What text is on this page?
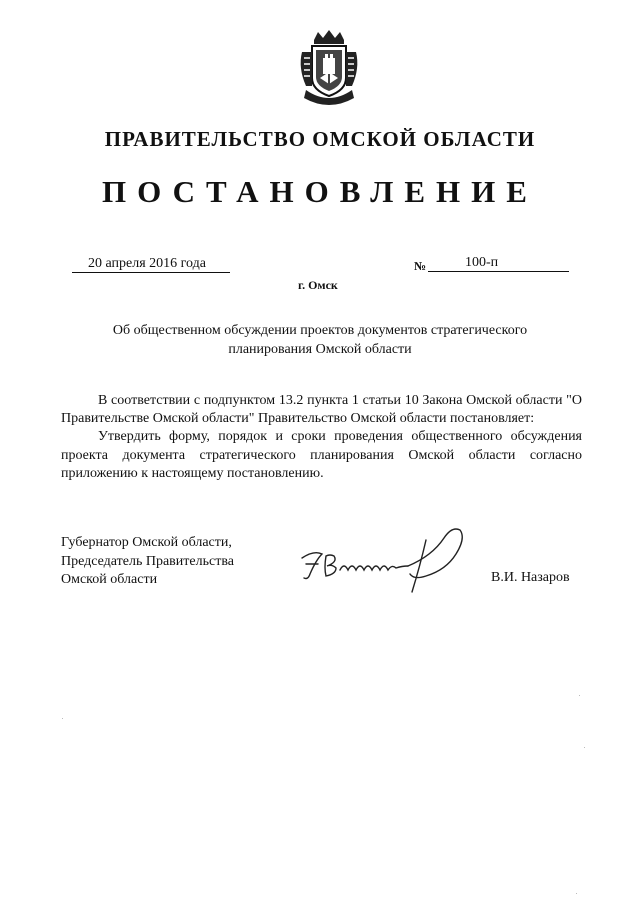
ПРАВИТЕЛЬСТВО ОМСКОЙ ОБЛАСТИ
ПОСТАНОВЛЕНИЕ
20 апреля 2016 года	№	100-п
г. Омск
Об общественном обсуждении проектов документов стратегического
планирования Омской области

В соответствии с подпунктом 13.2 пункта 1 статьи 10 Закона Омской области "О Правительстве Омской области" Правительство Омской области постановляет:

Утвердить форму, порядок и сроки проведения общественного обсуждения проекта документа стратегического планирования Омской области согласно приложению к настоящему постановлению.

Губернатор Омской области,
Председатель Правительства
Омской области	В.И. Назаров
